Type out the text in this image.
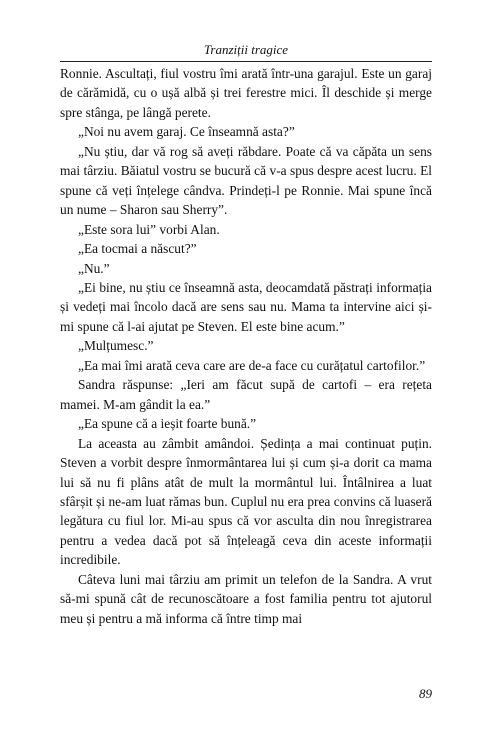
Tranziții tragice

Ronnie. Ascultați, fiul vostru îmi arată într-una garajul. Este un garaj de cărămidă, cu o ușă albă și trei ferestre mici. Îl deschide și merge spre stânga, pe lângă perete.

„Noi nu avem garaj. Ce înseamnă asta?”

„Nu știu, dar vă rog să aveți răbdare. Poate că va căpăta un sens mai târziu. Băiatul vostru se bucură că v-a spus despre acest lucru. El spune că veți înțelege cândva. Prindeți-l pe Ronnie. Mai spune încă un nume – Sharon sau Sherry”.

„Este sora lui” vorbi Alan.

„Ea tocmai a născut?”

„Nu.”

„Ei bine, nu știu ce înseamnă asta, deocamdată păstrați informația și vedeți mai încolo dacă are sens sau nu. Mama ta intervine aici și-mi spune că l-ai ajutat pe Steven. El este bine acum.”

„Mulțumesc.”

„Ea mai îmi arată ceva care are de-a face cu curățatul cartofilor.”

Sandra răspunse: „Ieri am făcut supă de cartofi – era rețeta mamei. M-am gândit la ea.”

„Ea spune că a ieșit foarte bună.”

La aceasta au zâmbit amândoi. Ședința a mai continuat puțin. Steven a vorbit despre înmormântarea lui și cum și-a dorit ca mama lui să nu fi plâns atât de mult la mormântul lui. Întâlnirea a luat sfârșit și ne-am luat rămas bun. Cuplul nu era prea convins că luaseră legătura cu fiul lor. Mi-au spus că vor asculta din nou înregistrarea pentru a vedea dacă pot să înțeleagă ceva din aceste informații incredibile.

Câteva luni mai târziu am primit un telefon de la Sandra. A vrut să-mi spună cât de recunoscătoare a fost familia pentru tot ajutorul meu și pentru a mă informa că între timp mai

89
